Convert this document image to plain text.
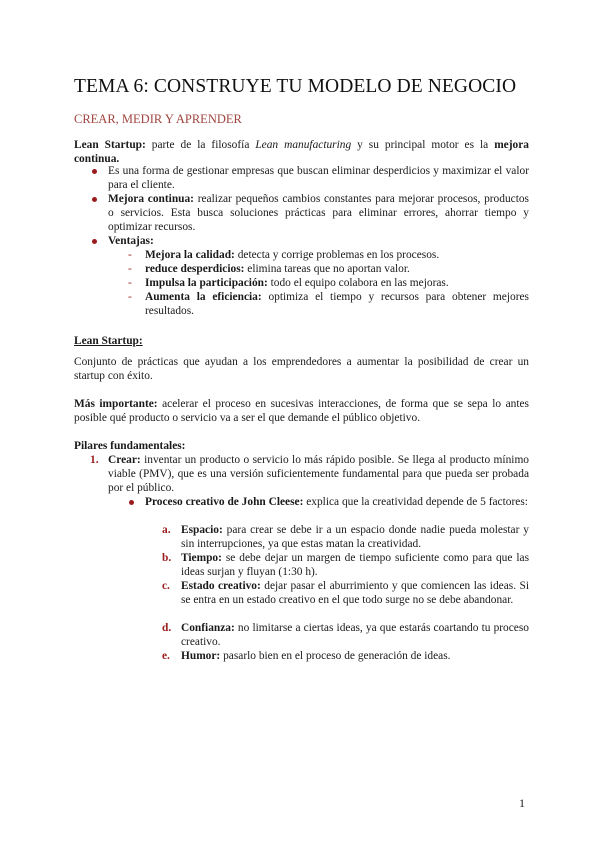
TEMA 6: CONSTRUYE TU MODELO DE NEGOCIO
CREAR, MEDIR Y APRENDER
Lean Startup: parte de la filosofía Lean manufacturing y su principal motor es la mejora continua.
Es una forma de gestionar empresas que buscan eliminar desperdicios y maximizar el valor para el cliente.
Mejora continua: realizar pequeños cambios constantes para mejorar procesos, productos o servicios. Esta busca soluciones prácticas para eliminar errores, ahorrar tiempo y optimizar recursos.
Ventajas:
- Mejora la calidad: detecta y corrige problemas en los procesos.
- reduce desperdicios: elimina tareas que no aportan valor.
- Impulsa la participación: todo el equipo colabora en las mejoras.
- Aumenta la eficiencia: optimiza el tiempo y recursos para obtener mejores resultados.
Lean Startup:
Conjunto de prácticas que ayudan a los emprendedores a aumentar la posibilidad de crear un startup con éxito.
Más importante: acelerar el proceso en sucesivas interacciones, de forma que se sepa lo antes posible qué producto o servicio va a ser el que demande el público objetivo.
Pilares fundamentales:
1. Crear: inventar un producto o servicio lo más rápido posible. Se llega al producto mínimo viable (PMV), que es una versión suficientemente fundamental para que pueda ser probada por el público.
Proceso creativo de John Cleese: explica que la creatividad depende de 5 factores:
a. Espacio: para crear se debe ir a un espacio donde nadie pueda molestar y sin interrupciones, ya que estas matan la creatividad.
b. Tiempo: se debe dejar un margen de tiempo suficiente como para que las ideas surjan y fluyan (1:30 h).
c. Estado creativo: dejar pasar el aburrimiento y que comiencen las ideas. Si se entra en un estado creativo en el que todo surge no se debe abandonar.
d. Confianza: no limitarse a ciertas ideas, ya que estarás coartando tu proceso creativo.
e. Humor: pasarlo bien en el proceso de generación de ideas.
1
